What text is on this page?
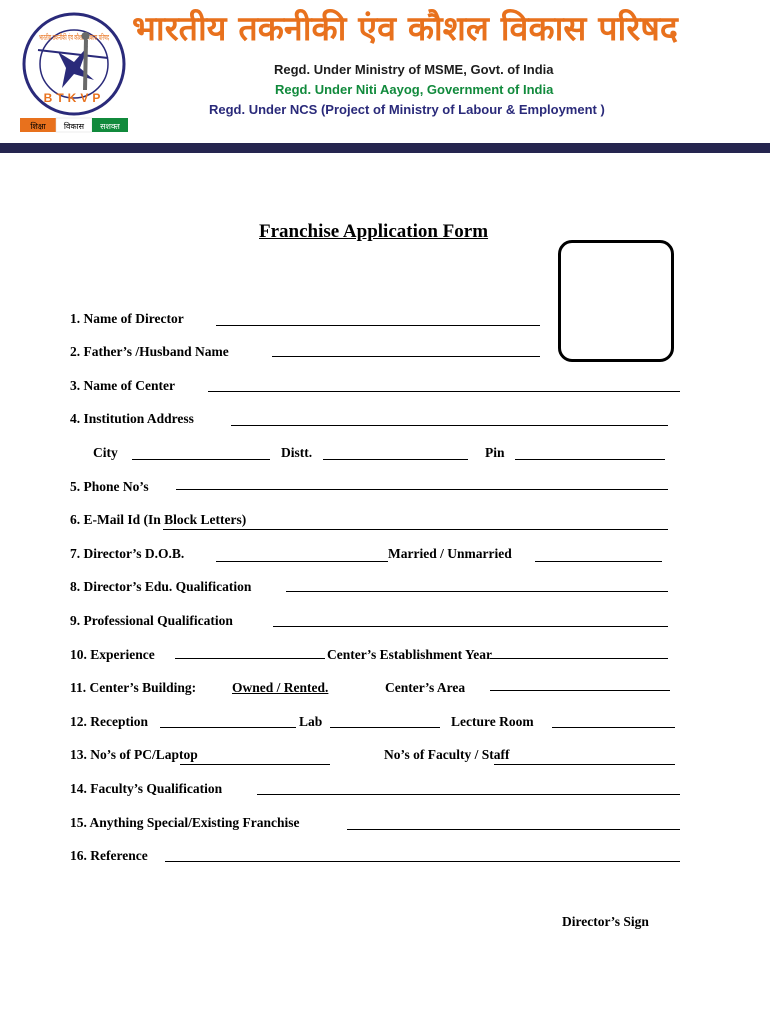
भारतीय तकनीकी एंव कौशल विकास परिषद
BTKVP
शिक्षा विकास सशक्त
भारतीय तकनीकी एंव कौशल विकास परिषद
Regd. Under Ministry of MSME, Govt. of India
Regd. Under Niti Aayog, Government of India
Regd. Under NCS (Project of Ministry of Labour & Employment )
Franchise Application Form
1. Name of Director
2. Father’s /Husband Name
3. Name of Center
4. Institution Address
City	Distt.	Pin
5. Phone No’s
6. E-Mail Id (In Block Letters)
7. Director’s D.O.B.	Married / Unmarried
8. Director’s Edu. Qualification
9. Professional Qualification
10. Experience	Center’s Establishment Year
11. Center’s Building:	Owned / Rented.	Center’s Area
12. Reception	Lab	Lecture Room
13. No’s of PC/Laptop	No’s of Faculty / Staff
14. Faculty’s Qualification
15. Anything Special/Existing Franchise
16. Reference
Director’s Sign
